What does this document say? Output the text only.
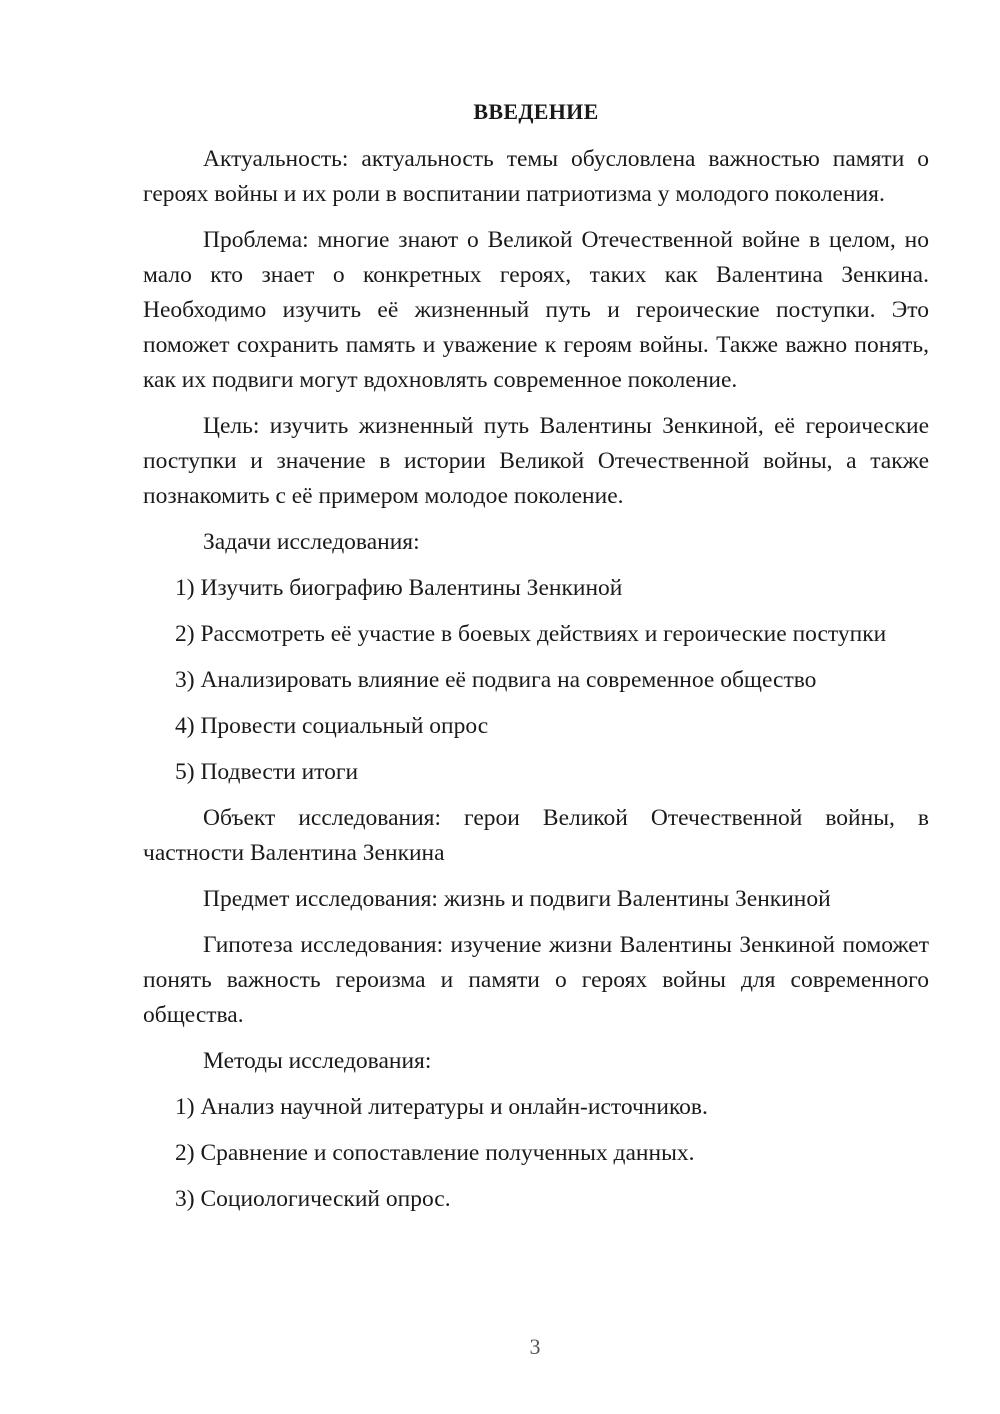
ВВЕДЕНИЕ
Актуальность: актуальность темы обусловлена важностью памяти о героях войны и их роли в воспитании патриотизма у молодого поколения.
Проблема: многие знают о Великой Отечественной войне в целом, но мало кто знает о конкретных героях, таких как Валентина Зенкина. Необходимо изучить её жизненный путь и героические поступки. Это поможет сохранить память и уважение к героям войны. Также важно понять, как их подвиги могут вдохновлять современное поколение.
Цель: изучить жизненный путь Валентины Зенкиной, её героические поступки и значение в истории Великой Отечественной войны, а также познакомить с её примером молодое поколение.
Задачи исследования:
1) Изучить биографию Валентины Зенкиной
2) Рассмотреть её участие в боевых действиях и героические поступки
3) Анализировать влияние её подвига на современное общество
4) Провести социальный опрос
5) Подвести итоги
Объект исследования: герои Великой Отечественной войны, в частности Валентина Зенкина
Предмет исследования: жизнь и подвиги Валентины Зенкиной
Гипотеза исследования: изучение жизни Валентины Зенкиной поможет понять важность героизма и памяти о героях войны для современного общества.
Методы исследования:
1) Анализ научной литературы и онлайн-источников.
2) Сравнение и сопоставление полученных данных.
3) Социологический опрос.
3
